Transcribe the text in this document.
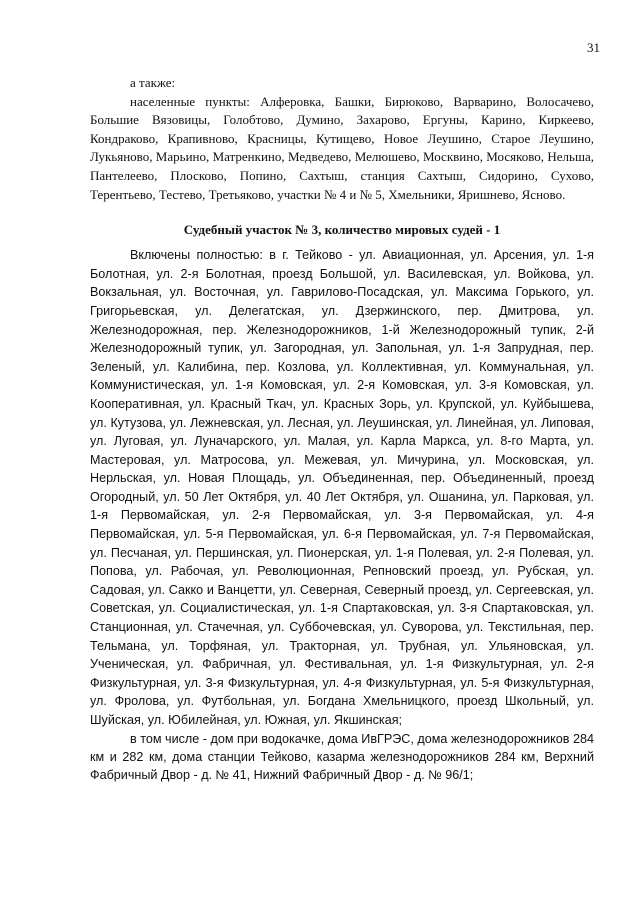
31

а также:

населенные пункты: Алферовка, Башки, Бирюково, Варварино, Волосачево, Большие Вязовицы, Голобтово, Думино, Захарово, Ергуны, Карино, Киркеево, Кондраково, Крапивново, Красницы, Кутищево, Новое Леушино, Старое Леушино, Лукьяново, Марьино, Матренкино, Медведево, Мелюшево, Москвино, Мосяково, Нельша, Пантелеево, Плосково, Попино, Сахтыш, станция Сахтыш, Сидорино, Сухово, Терентьево, Тестево, Третьяково, участки № 4 и № 5, Хмельники, Яришнево, Ясново.

Судебный участок № 3, количество мировых судей - 1

Включены полностью: в г. Тейково - ул. Авиационная, ул. Арсения, ул. 1-я Болотная, ул. 2-я Болотная, проезд Большой, ул. Василевская, ул. Войкова, ул. Вокзальная, ул. Восточная, ул. Гаврилово-Посадская, ул. Максима Горького, ул. Григорьевская, ул. Делегатская, ул. Дзержинского, пер. Дмитрова, ул. Железнодорожная, пер. Железнодорожников, 1-й Железнодорожный тупик, 2-й Железнодорожный тупик, ул. Загородная, ул. Запольная, ул. 1-я Запрудная, пер. Зеленый, ул. Калибина, пер. Козлова, ул. Коллективная, ул. Коммунальная, ул. Коммунистическая, ул. 1-я Комовская, ул. 2-я Комовская, ул. 3-я Комовская, ул. Кооперативная, ул. Красный Ткач, ул. Красных Зорь, ул. Крупской, ул. Куйбышева, ул. Кутузова, ул. Лежневская, ул. Лесная, ул. Леушинская, ул. Линейная, ул. Липовая, ул. Луговая, ул. Луначарского, ул. Малая, ул. Карла Маркса, ул. 8-го Марта, ул. Мастеровая, ул. Матросова, ул. Межевая, ул. Мичурина, ул. Московская, ул. Нерльская, ул. Новая Площадь, ул. Объединенная, пер. Объединенный, проезд Огородный, ул. 50 Лет Октября, ул. 40 Лет Октября, ул. Ошанина, ул. Парковая, ул. 1-я Первомайская, ул. 2-я Первомайская, ул. 3-я Первомайская, ул. 4-я Первомайская, ул. 5-я Первомайская, ул. 6-я Первомайская, ул. 7-я Первомайская, ул. Песчаная, ул. Першинская, ул. Пионерская, ул. 1-я Полевая, ул. 2-я Полевая, ул. Попова, ул. Рабочая, ул. Революционная, Репновский проезд, ул. Рубская, ул. Садовая, ул. Сакко и Ванцетти, ул. Северная, Северный проезд, ул. Сергеевская, ул. Советская, ул. Социалистическая, ул. 1-я Спартаковская, ул. 3-я Спартаковская, ул. Станционная, ул. Стачечная, ул. Суббочевская, ул. Суворова, ул. Текстильная, пер. Тельмана, ул. Торфяная, ул. Тракторная, ул. Трубная, ул. Ульяновская, ул. Ученическая, ул. Фабричная, ул. Фестивальная, ул. 1-я Физкультурная, ул. 2-я Физкультурная, ул. 3-я Физкультурная, ул. 4-я Физкультурная, ул. 5-я Физкультурная, ул. Фролова, ул. Футбольная, ул. Богдана Хмельницкого, проезд Школьный, ул. Шуйская, ул. Юбилейная, ул. Южная, ул. Якшинская;

в том числе - дом при водокачке, дома ИвГРЭС, дома железнодорожников 284 км и 282 км, дома станции Тейково, казарма железнодорожников 284 км, Верхний Фабричный Двор - д. № 41, Нижний Фабричный Двор - д. № 96/1;
